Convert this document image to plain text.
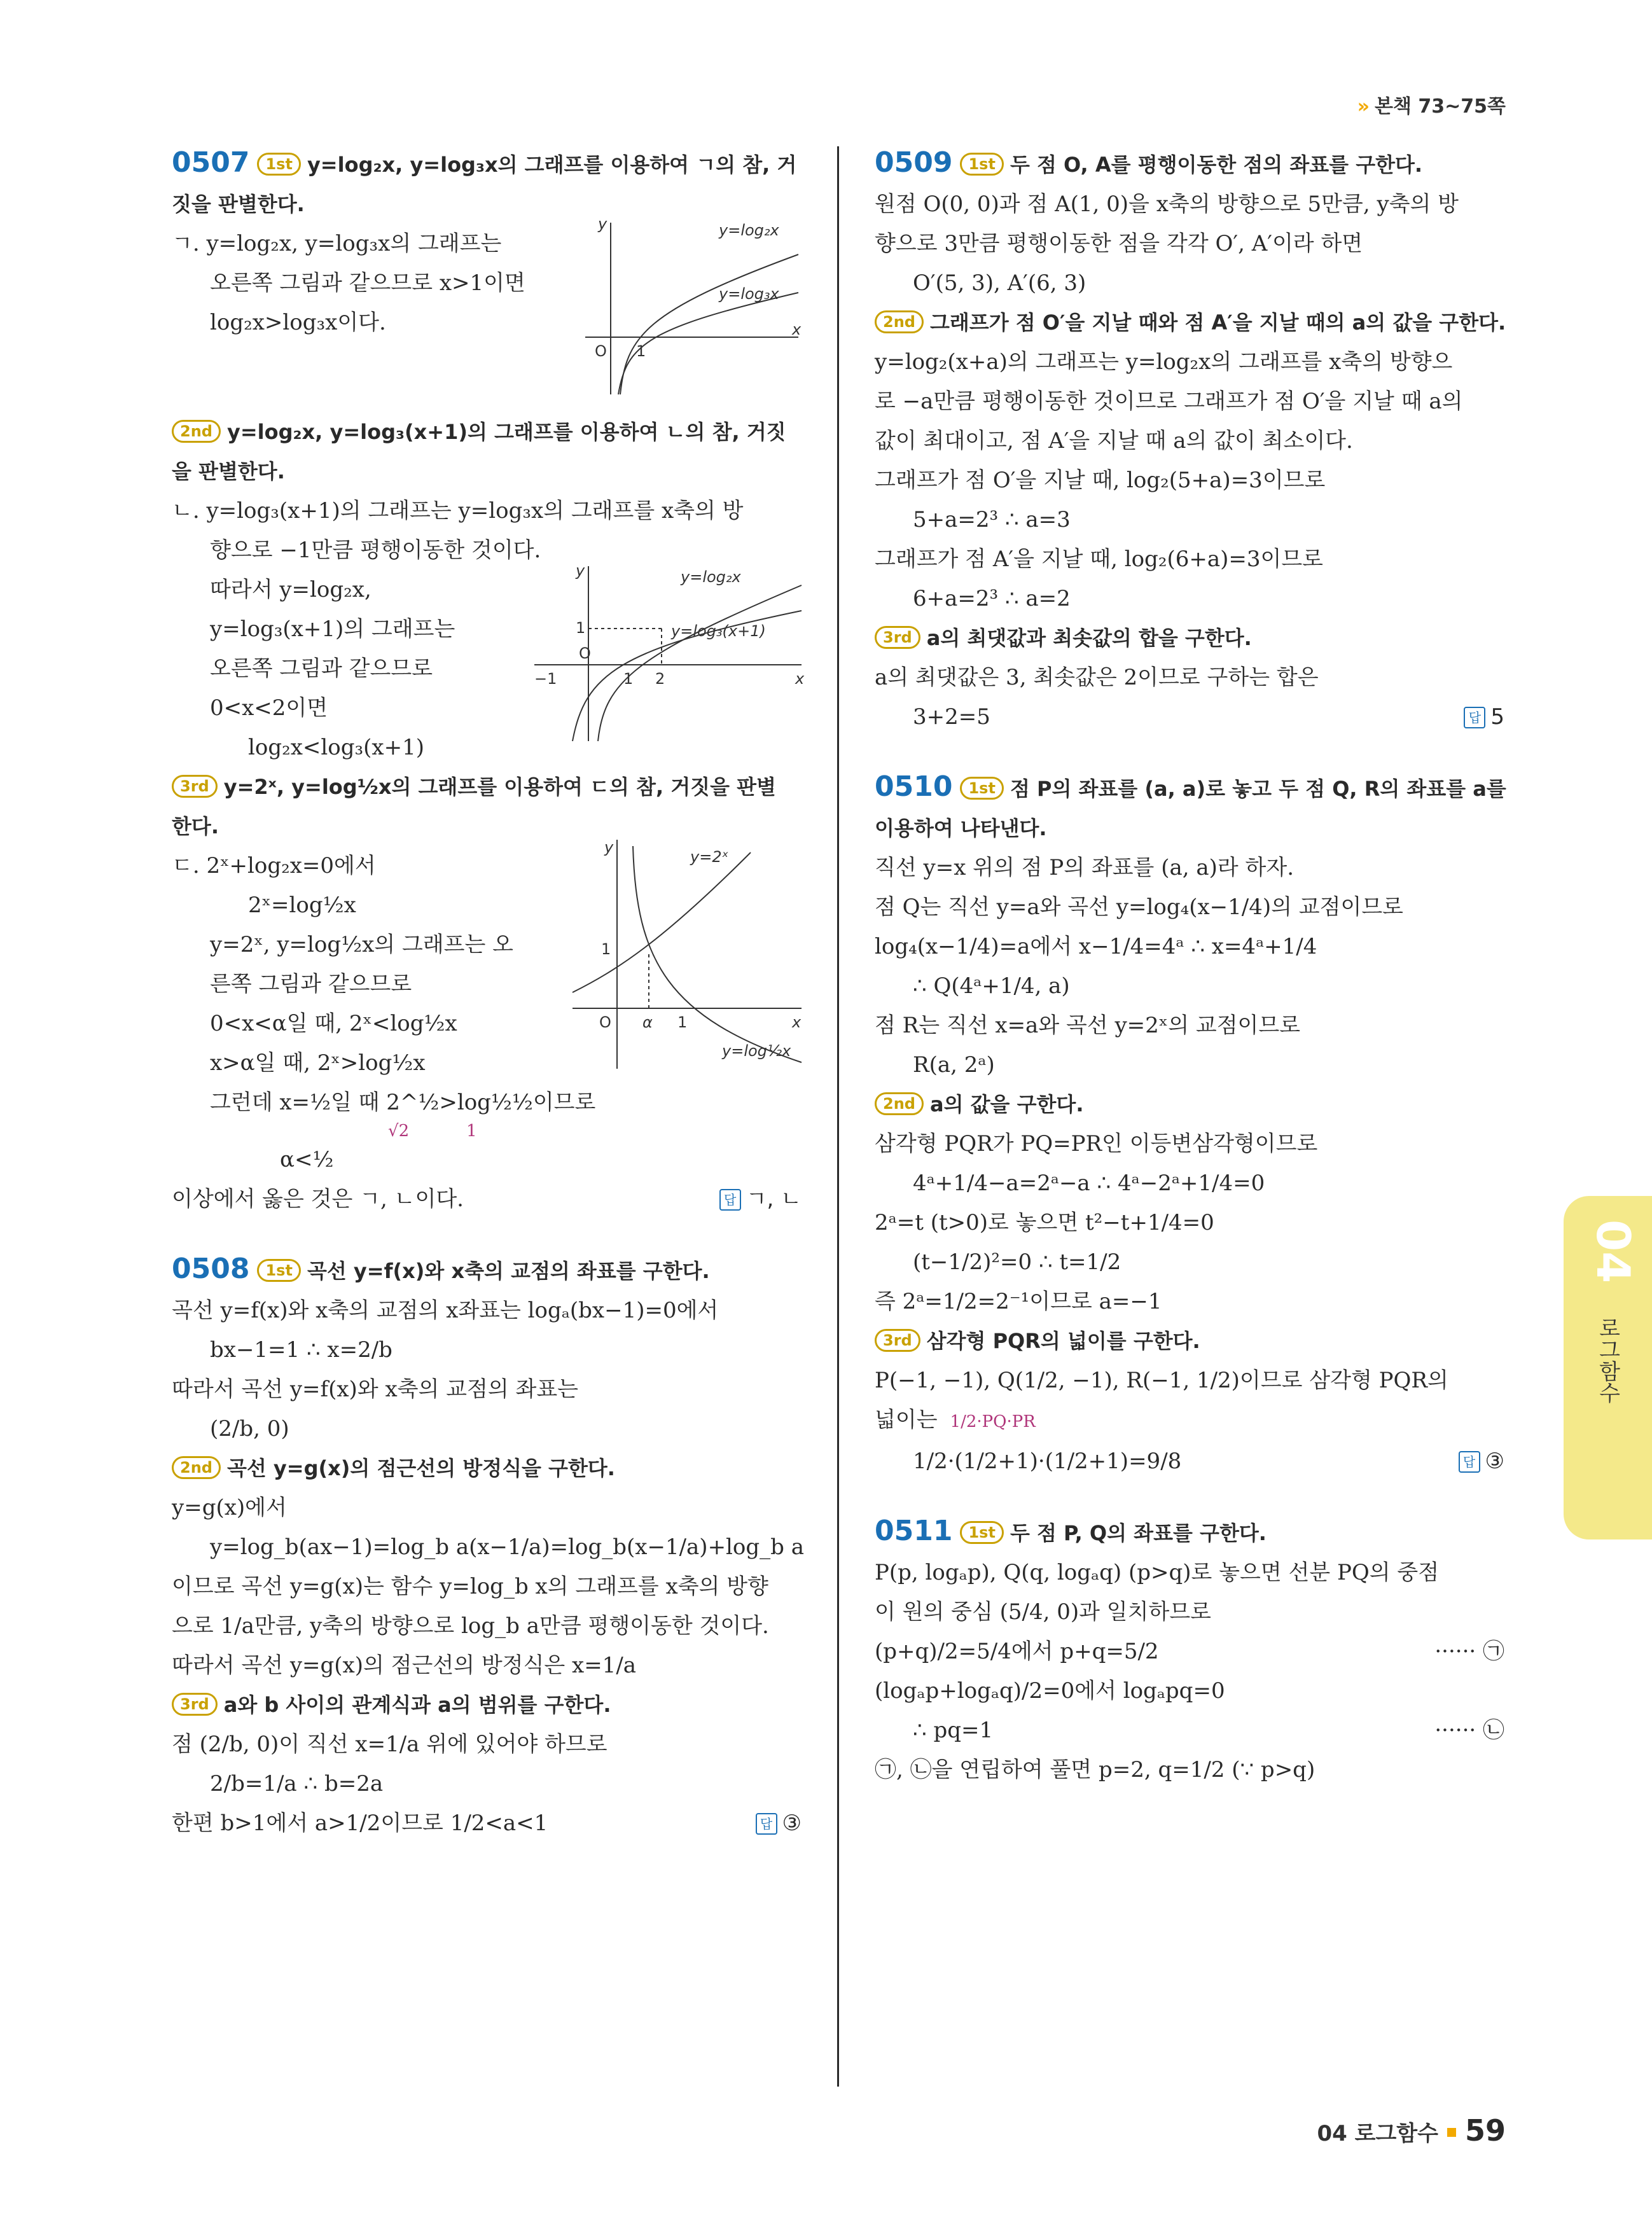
» 본책 73~75쪽
0507 1st y=log₂x, y=log₃x의 그래프를 이용하여 ㄱ의 참, 거
짓을 판별한다.
ㄱ. y=log₂x, y=log₃x의 그래프는
오른쪽 그림과 같으므로 x>1이면
log₂x>log₃x이다.
2nd y=log₂x, y=log₃(x+1)의 그래프를 이용하여 ㄴ의 참, 거짓
을 판별한다.
ㄴ. y=log₃(x+1)의 그래프는 y=log₃x의 그래프를 x축의 방
향으로 −1만큼 평행이동한 것이다.
따라서 y=log₂x,
y=log₃(x+1)의 그래프는
오른쪽 그림과 같으므로
0<x<2이면
log₂x<log₃(x+1)
3rd y=2ˣ, y=log½x의 그래프를 이용하여 ㄷ의 참, 거짓을 판별
한다.
ㄷ. 2ˣ+log₂x=0에서
2ˣ=log½x
y=2ˣ, y=log½x의 그래프는 오
른쪽 그림과 같으므로
0<x<α일 때, 2ˣ<log½x
x>α일 때, 2ˣ>log½x
그런데 x=½일 때 2^½>log½½이므로
√2	1
α<½
이상에서 옳은 것은 ㄱ, ㄴ이다.	답 ㄱ, ㄴ
0508 1st 곡선 y=f(x)와 x축의 교점의 좌표를 구한다.
곡선 y=f(x)와 x축의 교점의 x좌표는 logₐ(bx−1)=0에서
bx−1=1 ∴ x=2/b
따라서 곡선 y=f(x)와 x축의 교점의 좌표는
(2/b, 0)
2nd 곡선 y=g(x)의 점근선의 방정식을 구한다.
y=g(x)에서
y=log_b(ax−1)=log_b a(x−1/a)=log_b(x−1/a)+log_b a
이므로 곡선 y=g(x)는 함수 y=log_b x의 그래프를 x축의 방향
으로 1/a만큼, y축의 방향으로 log_b a만큼 평행이동한 것이다.
따라서 곡선 y=g(x)의 점근선의 방정식은 x=1/a
3rd a와 b 사이의 관계식과 a의 범위를 구한다.
점 (2/b, 0)이 직선 x=1/a 위에 있어야 하므로
2/b=1/a ∴ b=2a
한편 b>1에서 a>1/2이므로 1/2<a<1	답 ③
x
y
O 1
y=log₂x
y=log₃x
x
y
O
−1	1 2
1
y=log₂x
y=log₃(x+1)
x
y
O α 1
1
y=2ˣ
y=log½x
0509 1st 두 점 O, A를 평행이동한 점의 좌표를 구한다.
원점 O(0, 0)과 점 A(1, 0)을 x축의 방향으로 5만큼, y축의 방
향으로 3만큼 평행이동한 점을 각각 O′, A′이라 하면
O′(5, 3), A′(6, 3)
2nd 그래프가 점 O′을 지날 때와 점 A′을 지날 때의 a의 값을 구한다.
y=log₂(x+a)의 그래프는 y=log₂x의 그래프를 x축의 방향으
로 −a만큼 평행이동한 것이므로 그래프가 점 O′을 지날 때 a의
값이 최대이고, 점 A′을 지날 때 a의 값이 최소이다.
그래프가 점 O′을 지날 때, log₂(5+a)=3이므로
5+a=2³ ∴ a=3
그래프가 점 A′을 지날 때, log₂(6+a)=3이므로
6+a=2³ ∴ a=2
3rd a의 최댓값과 최솟값의 합을 구한다.
a의 최댓값은 3, 최솟값은 2이므로 구하는 합은
3+2=5	답 5
0510 1st 점 P의 좌표를 (a, a)로 놓고 두 점 Q, R의 좌표를 a를
이용하여 나타낸다.
직선 y=x 위의 점 P의 좌표를 (a, a)라 하자.
점 Q는 직선 y=a와 곡선 y=log₄(x−1/4)의 교점이므로
log₄(x−1/4)=a에서 x−1/4=4ᵃ ∴ x=4ᵃ+1/4
∴ Q(4ᵃ+1/4, a)
점 R는 직선 x=a와 곡선 y=2ˣ의 교점이므로
R(a, 2ᵃ)
2nd a의 값을 구한다.
삼각형 PQR가 PQ=PR인 이등변삼각형이므로
4ᵃ+1/4−a=2ᵃ−a ∴ 4ᵃ−2ᵃ+1/4=0
2ᵃ=t (t>0)로 놓으면 t²−t+1/4=0
(t−1/2)²=0 ∴ t=1/2
즉 2ᵃ=1/2=2⁻¹이므로 a=−1
3rd 삼각형 PQR의 넓이를 구한다.
P(−1, −1), Q(1/2, −1), R(−1, 1/2)이므로 삼각형 PQR의
넓이는 1/2·PQ·PR
1/2·(1/2+1)·(1/2+1)=9/8	답 ③
0511 1st 두 점 P, Q의 좌표를 구한다.
P(p, logₐp), Q(q, logₐq) (p>q)로 놓으면 선분 PQ의 중점
이 원의 중심 (5/4, 0)과 일치하므로
(p+q)/2=5/4에서 p+q=5/2	······ ㉠
(logₐp+logₐq)/2=0에서 logₐpq=0
∴ pq=1	······ ㉡
㉠, ㉡을 연립하여 풀면 p=2, q=1/2 (∵ p>q)
04
로그함수
04 로그함수 59
